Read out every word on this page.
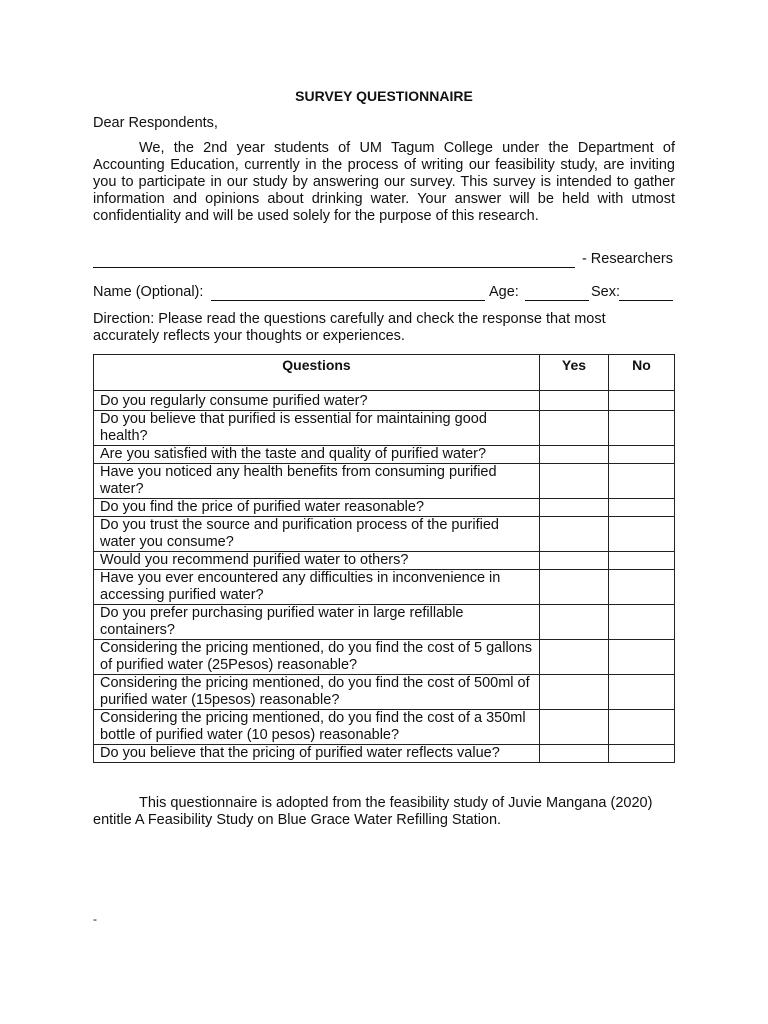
SURVEY QUESTIONNAIRE
Dear Respondents,
We, the 2nd year students of UM Tagum College under the Department of Accounting Education, currently in the process of writing our feasibility study, are inviting you to participate in our study by answering our survey. This survey is intended to gather information and opinions about drinking water. Your answer will be held with utmost confidentiality and will be used solely for the purpose of this research.
- Researchers
Name (Optional):	Age:	Sex:
Direction: Please read the questions carefully and check the response that most accurately reflects your thoughts or experiences.
Questions	Yes	No
Do you regularly consume purified water?		
Do you believe that purified is essential for maintaining good health?		
Are you satisfied with the taste and quality of purified water?		
Have you noticed any health benefits from consuming purified water?		
Do you find the price of purified water reasonable?		
Do you trust the source and purification process of the purified water you consume?		
Would you recommend purified water to others?		
Have you ever encountered any difficulties in inconvenience in accessing purified water?		
Do you prefer purchasing purified water in large refillable containers?		
Considering the pricing mentioned, do you find the cost of 5 gallons of purified water (25Pesos) reasonable?		
Considering the pricing mentioned, do you find the cost of 500ml of purified water (15pesos) reasonable?		
Considering the pricing mentioned, do you find the cost of a 350ml bottle of purified water (10 pesos) reasonable?		
Do you believe that the pricing of purified water reflects value?		
This questionnaire is adopted from the feasibility study of Juvie Mangana (2020) entitle A Feasibility Study on Blue Grace Water Refilling Station.
-
